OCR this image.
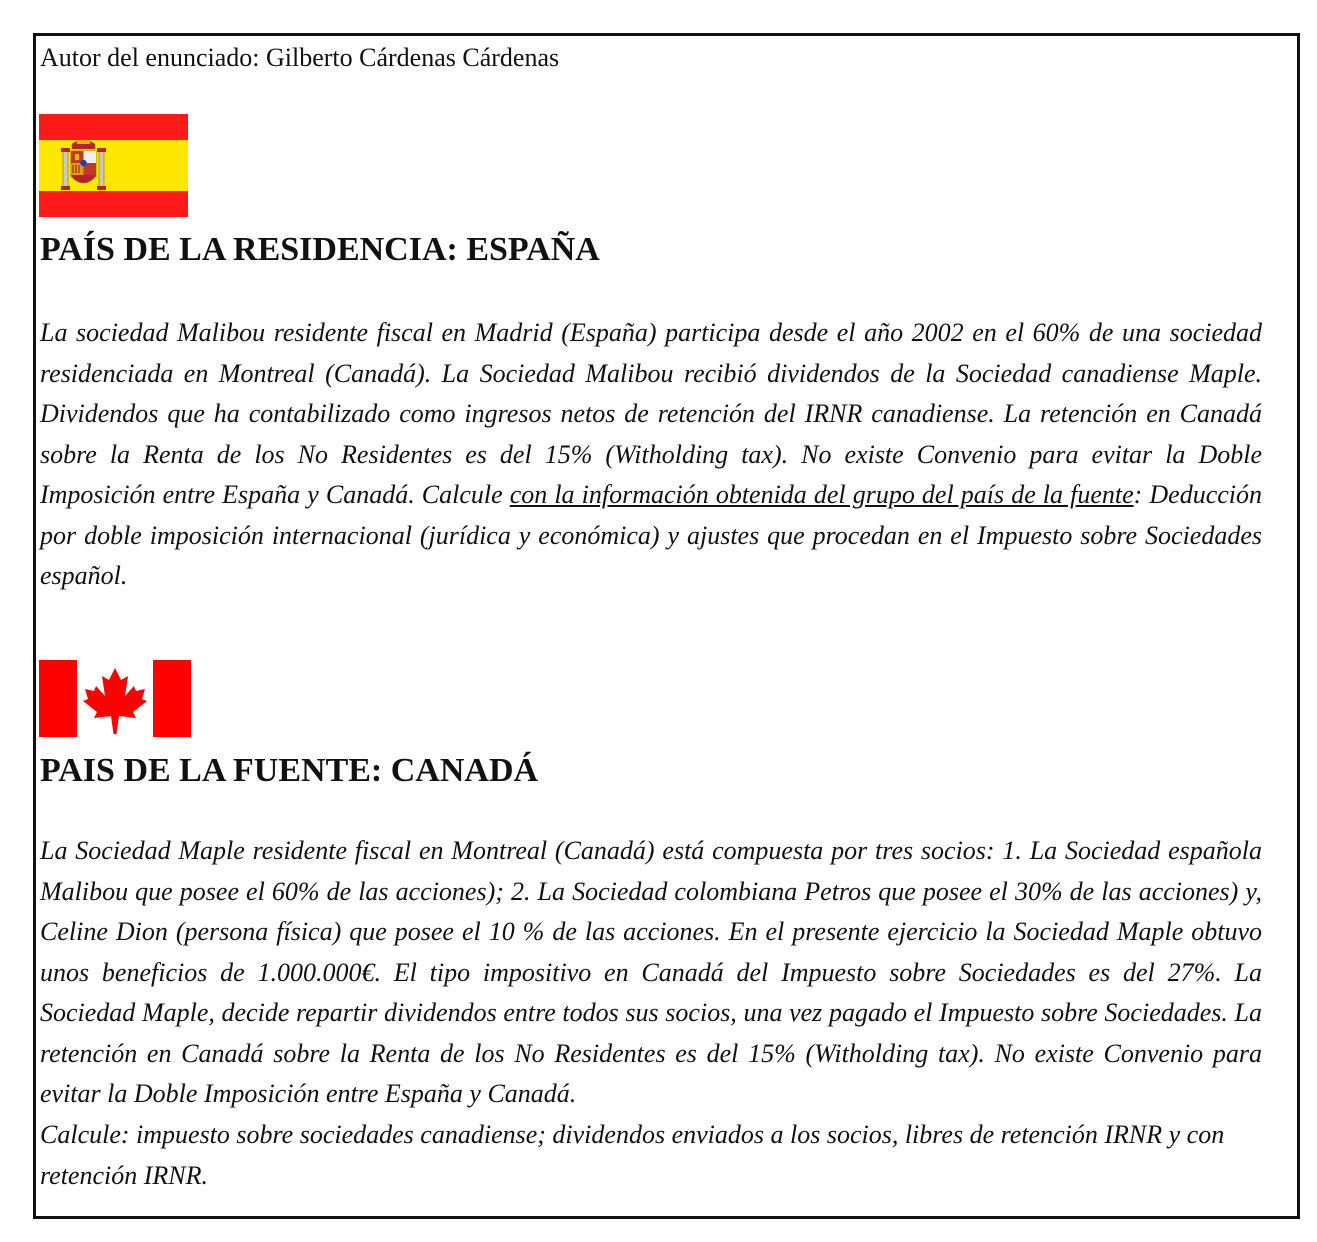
Autor del enunciado: Gilberto Cárdenas Cárdenas
PAÍS DE LA RESIDENCIA: ESPAÑA

La sociedad Malibou residente fiscal en Madrid (España) participa desde el año 2002 en el 60% de una sociedad residenciada en Montreal (Canadá). La Sociedad Malibou recibió dividendos de la Sociedad canadiense Maple. Dividendos que ha contabilizado como ingresos netos de retención del IRNR canadiense. La retención en Canadá sobre la Renta de los No Residentes es del 15% (Witholding tax). No existe Convenio para evitar la Doble Imposición entre España y Canadá. Calcule con la información obtenida del grupo del país de la fuente: Deducción por doble imposición internacional (jurídica y económica) y ajustes que procedan en el Impuesto sobre Sociedades español.

PAIS DE LA FUENTE: CANADÁ

La Sociedad Maple residente fiscal en Montreal (Canadá) está compuesta por tres socios: 1. La Sociedad española Malibou que posee el 60% de las acciones); 2. La Sociedad colombiana Petros que posee el 30% de las acciones) y, Celine Dion (persona física) que posee el 10 % de las acciones. En el presente ejercicio la Sociedad Maple obtuvo unos beneficios de 1.000.000€. El tipo impositivo en Canadá del Impuesto sobre Sociedades es del 27%. La Sociedad Maple, decide repartir dividendos entre todos sus socios, una vez pagado el Impuesto sobre Sociedades. La retención en Canadá sobre la Renta de los No Residentes es del 15% (Witholding tax). No existe Convenio para evitar la Doble Imposición entre España y Canadá.

Calcule: impuesto sobre sociedades canadiense; dividendos enviados a los socios, libres de retención IRNR y con retención IRNR.
